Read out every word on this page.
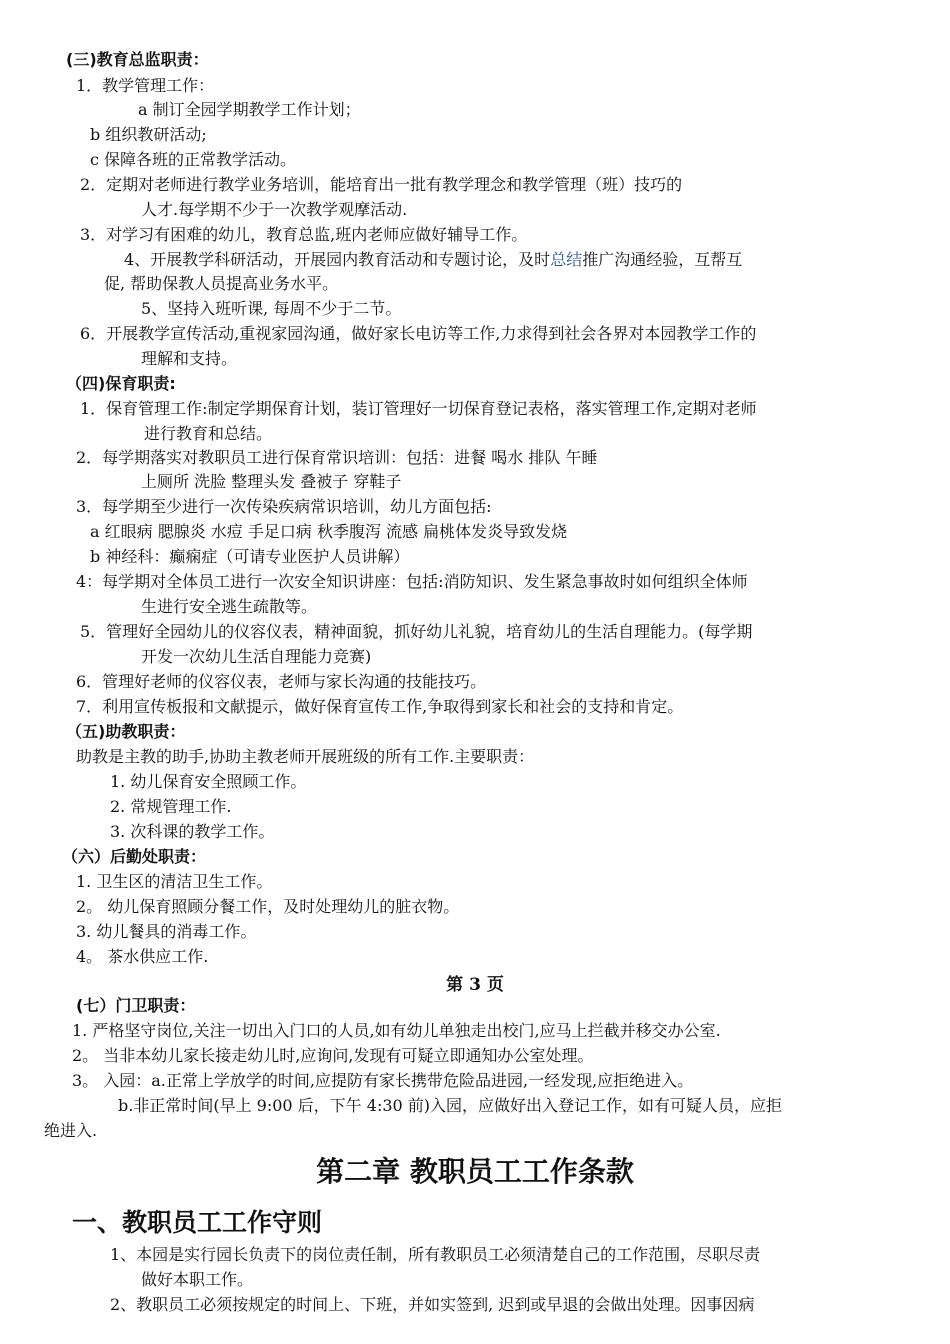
(三)教育总监职责：
1．教学管理工作：
a 制订全园学期教学工作计划；
b 组织教研活动;
c 保障各班的正常教学活动。
2．定期对老师进行教学业务培训，能培育出一批有教学理念和教学管理（班）技巧的
人才.每学期不少于一次教学观摩活动.
3．对学习有困难的幼儿，教育总监,班内老师应做好辅导工作。
4、开展教学科研活动，开展园内教育活动和专题讨论，及时总结推广沟通经验，互帮互
促, 帮助保教人员提高业务水平。
5、坚持入班听课, 每周不少于二节。
6．开展教学宣传活动,重视家园沟通，做好家长电访等工作,力求得到社会各界对本园教学工作的
理解和支持。
（四)保育职责:
1．保育管理工作:制定学期保育计划，装订管理好一切保育登记表格，落实管理工作,定期对老师
进行教育和总结。
2．每学期落实对教职员工进行保育常识培训：包括：进餐 喝水 排队 午睡
上厕所 洗脸 整理头发 叠被子 穿鞋子
3．每学期至少进行一次传染疾病常识培训，幼儿方面包括:
a 红眼病 腮腺炎 水痘 手足口病 秋季腹泻 流感 扁桃体发炎导致发烧
b 神经科：癫痫症（可请专业医护人员讲解）
4：每学期对全体员工进行一次安全知识讲座：包括:消防知识、发生紧急事故时如何组织全体师
生进行安全逃生疏散等。
5．管理好全园幼儿的仪容仪表，精神面貌，抓好幼儿礼貌，培育幼儿的生活自理能力。(每学期
开发一次幼儿生活自理能力竞赛)
6．管理好老师的仪容仪表，老师与家长沟通的技能技巧。
7．利用宣传板报和文献提示，做好保育宣传工作,争取得到家长和社会的支持和肯定。
（五)助教职责：
助教是主教的助手,协助主教老师开展班级的所有工作.主要职责：
1. 幼儿保育安全照顾工作。
2. 常规管理工作.
3. 次科课的教学工作。
（六）后勤处职责：
1. 卫生区的清洁卫生工作。
2。 幼儿保育照顾分餐工作，及时处理幼儿的脏衣物。
3. 幼儿餐具的消毒工作。
4。 茶水供应工作.
第 3 页
(七）门卫职责：
1. 严格坚守岗位,关注一切出入门口的人员,如有幼儿单独走出校门,应马上拦截并移交办公室.
2。 当非本幼儿家长接走幼儿时,应询问,发现有可疑立即通知办公室处理。
3。 入园：a.正常上学放学的时间,应提防有家长携带危险品进园,一经发现,应拒绝进入。
b.非正常时间(早上 9:00 后，下午 4:30 前)入园，应做好出入登记工作，如有可疑人员，应拒
绝进入.
第二章 教职员工工作条款
一、教职员工工作守则
1、本园是实行园长负责下的岗位责任制，所有教职员工必须清楚自己的工作范围，尽职尽责
做好本职工作。
2、教职员工必须按规定的时间上、下班，并如实签到, 迟到或早退的会做出处理。因事因病
